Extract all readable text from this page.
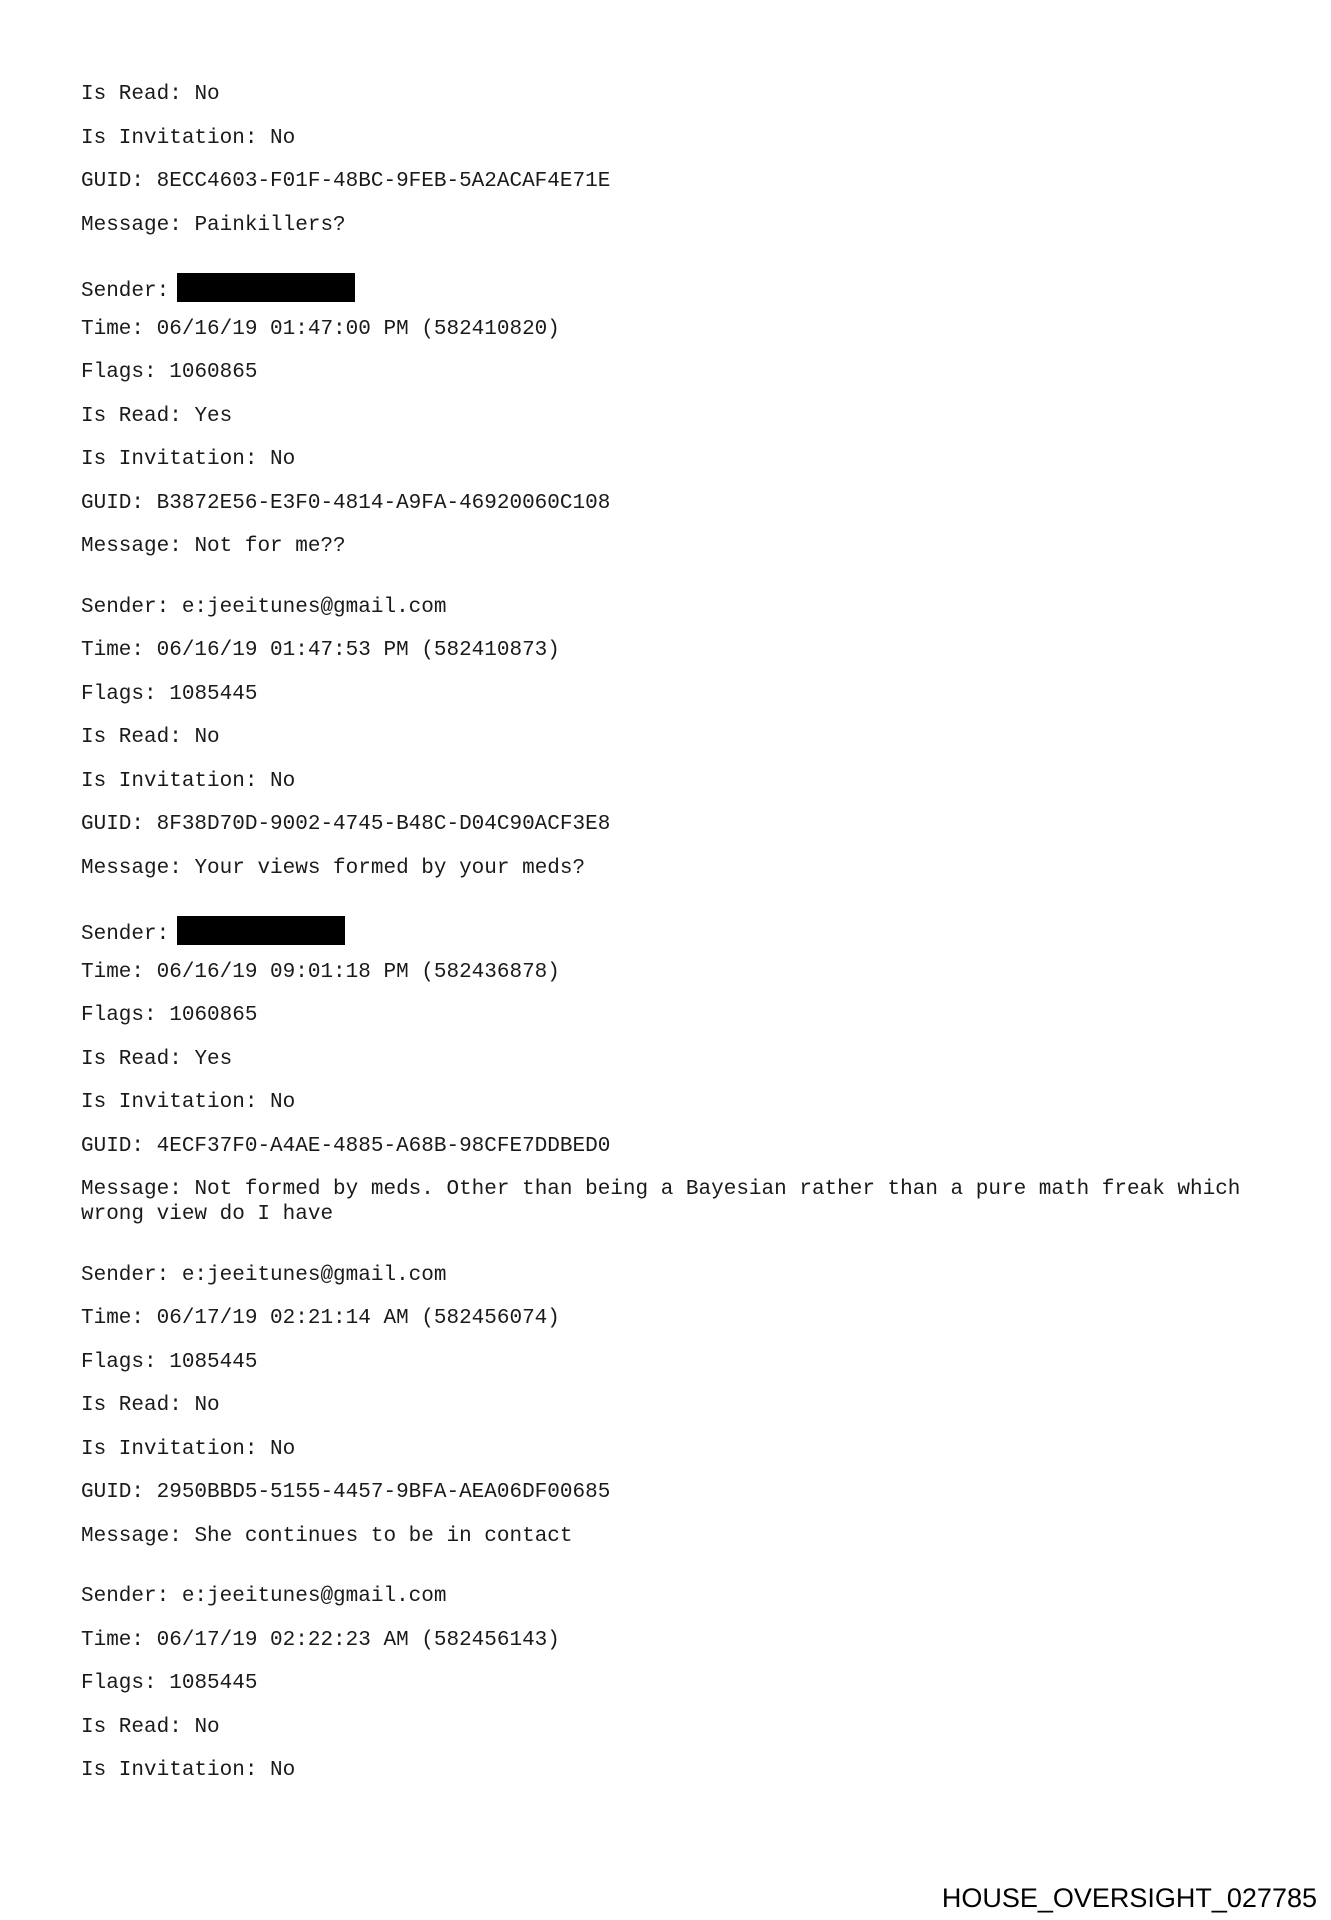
Is Read: No
Is Invitation: No
GUID: 8ECC4603-F01F-48BC-9FEB-5A2ACAF4E71E
Message: Painkillers?
Sender:
Time: 06/16/19 01:47:00 PM (582410820)
Flags: 1060865
Is Read: Yes
Is Invitation: No
GUID: B3872E56-E3F0-4814-A9FA-46920060C108
Message: Not for me??
Sender: e:jeeitunes@gmail.com
Time: 06/16/19 01:47:53 PM (582410873)
Flags: 1085445
Is Read: No
Is Invitation: No
GUID: 8F38D70D-9002-4745-B48C-D04C90ACF3E8
Message: Your views formed by your meds?
Sender:
Time: 06/16/19 09:01:18 PM (582436878)
Flags: 1060865
Is Read: Yes
Is Invitation: No
GUID: 4ECF37F0-A4AE-4885-A68B-98CFE7DDBED0
Message: Not formed by meds. Other than being a Bayesian rather than a pure math freak which wrong view do I have
Sender: e:jeeitunes@gmail.com
Time: 06/17/19 02:21:14 AM (582456074)
Flags: 1085445
Is Read: No
Is Invitation: No
GUID: 2950BBD5-5155-4457-9BFA-AEA06DF00685
Message: She continues to be in contact
Sender: e:jeeitunes@gmail.com
Time: 06/17/19 02:22:23 AM (582456143)
Flags: 1085445
Is Read: No
Is Invitation: No
HOUSE_OVERSIGHT_027785
